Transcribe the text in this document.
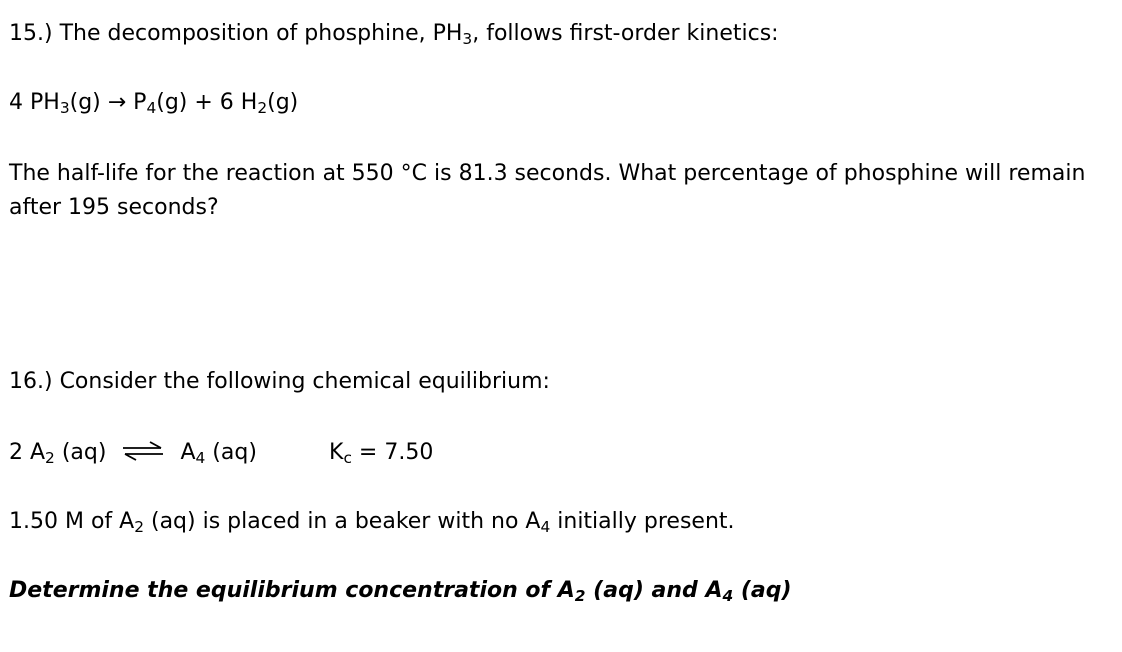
15.) The decomposition of phosphine, $PH_3$, follows first-order kinetics:
4 $PH_3(g) \to P_4(g) + 6$ $H_2(g)$
The half-life for the reaction at 550 °C is 81.3 seconds. What percentage of phosphine will remain after 195 seconds?
16.) Consider the following chemical equilibrium:
2 $A_2$ (aq) ⇌ $A_4$ (aq)	$K_c = 7.50$
1.50 M of $A_2$ (aq) is placed in a beaker with no $A_4$ initially present.
Determine the equilibrium concentration of $A_2$ (aq) and $A_4$ (aq)
